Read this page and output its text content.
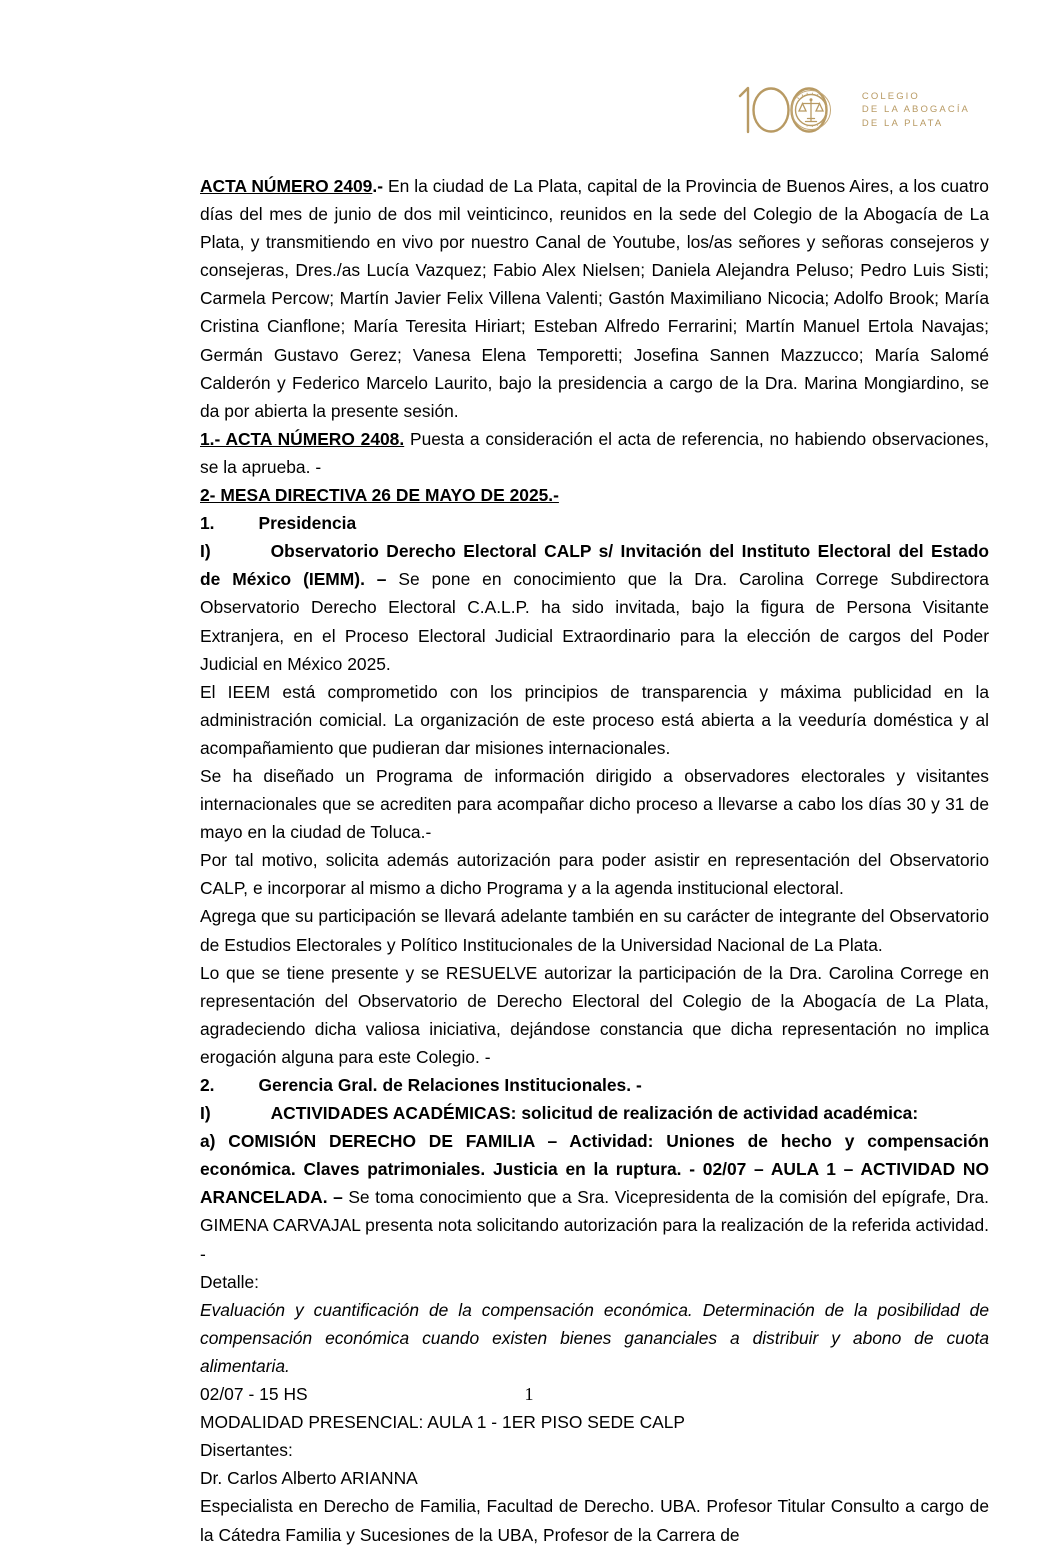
COLEGIO
DE LA ABOGACÍA
DE LA PLATA

ACTA NÚMERO 2409.- En la ciudad de La Plata, capital de la Provincia de Buenos Aires, a los cuatro días del mes de junio de dos mil veinticinco, reunidos en la sede del Colegio de la Abogacía de La Plata, y transmitiendo en vivo por nuestro Canal de Youtube, los/as señores y señoras consejeros y consejeras, Dres./as Lucía Vazquez; Fabio Alex Nielsen; Daniela Alejandra Peluso; Pedro Luis Sisti; Carmela Percow; Martín Javier Felix Villena Valenti; Gastón Maximiliano Nicocia; Adolfo Brook; María Cristina Cianflone; María Teresita Hiriart; Esteban Alfredo Ferrarini; Martín Manuel Ertola Navajas; Germán Gustavo Gerez; Vanesa Elena Temporetti; Josefina Sannen Mazzucco; María Salomé Calderón y Federico Marcelo Laurito, bajo la presidencia a cargo de la Dra. Marina Mongiardino, se da por abierta la presente sesión.

1.- ACTA NÚMERO 2408. Puesta a consideración el acta de referencia, no habiendo observaciones, se la aprueba. -

2- MESA DIRECTIVA 26 DE MAYO DE 2025.-

1.	Presidencia

I)	Observatorio Derecho Electoral CALP s/ Invitación del Instituto Electoral del Estado de México (IEMM). – Se pone en conocimiento que la Dra. Carolina Correge Subdirectora Observatorio Derecho Electoral C.A.L.P. ha sido invitada, bajo la figura de Persona Visitante Extranjera, en el Proceso Electoral Judicial Extraordinario para la elección de cargos del Poder Judicial en México 2025.

El IEEM está comprometido con los principios de transparencia y máxima publicidad en la administración comicial. La organización de este proceso está abierta a la veeduría doméstica y al acompañamiento que pudieran dar misiones internacionales.

Se ha diseñado un Programa de información dirigido a observadores electorales y visitantes internacionales que se acrediten para acompañar dicho proceso a llevarse a cabo los días 30 y 31 de mayo en la ciudad de Toluca.-

Por tal motivo, solicita además autorización para poder asistir en representación del Observatorio CALP, e incorporar al mismo a dicho Programa y a la agenda institucional electoral.

Agrega que su participación se llevará adelante también en su carácter de integrante del Observatorio de Estudios Electorales y Político Institucionales de la Universidad Nacional de La Plata.

Lo que se tiene presente y se RESUELVE autorizar la participación de la Dra. Carolina Correge en representación del Observatorio de Derecho Electoral del Colegio de la Abogacía de La Plata, agradeciendo dicha valiosa iniciativa, dejándose constancia que dicha representación no implica erogación alguna para este Colegio. -

2.	Gerencia Gral. de Relaciones Institucionales. -

I)	ACTIVIDADES ACADÉMICAS: solicitud de realización de actividad académica:

a) COMISIÓN DERECHO DE FAMILIA – Actividad: Uniones de hecho y compensación económica. Claves patrimoniales. Justicia en la ruptura. - 02/07 – AULA 1 – ACTIVIDAD NO ARANCELADA. – Se toma conocimiento que a Sra. Vicepresidenta de la comisión del epígrafe, Dra. GIMENA CARVAJAL presenta nota solicitando autorización para la realización de la referida actividad. -

Detalle:

Evaluación y cuantificación de la compensación económica. Determinación de la posibilidad de compensación económica cuando existen bienes gananciales a distribuir y abono de cuota alimentaria.

02/07 - 15 HS

MODALIDAD PRESENCIAL: AULA 1 - 1ER PISO SEDE CALP

Disertantes:

Dr. Carlos Alberto ARIANNA

Especialista en Derecho de Familia, Facultad de Derecho. UBA. Profesor Titular Consulto a cargo de la Cátedra Familia y Sucesiones de la UBA, Profesor de la Carrera de

1
